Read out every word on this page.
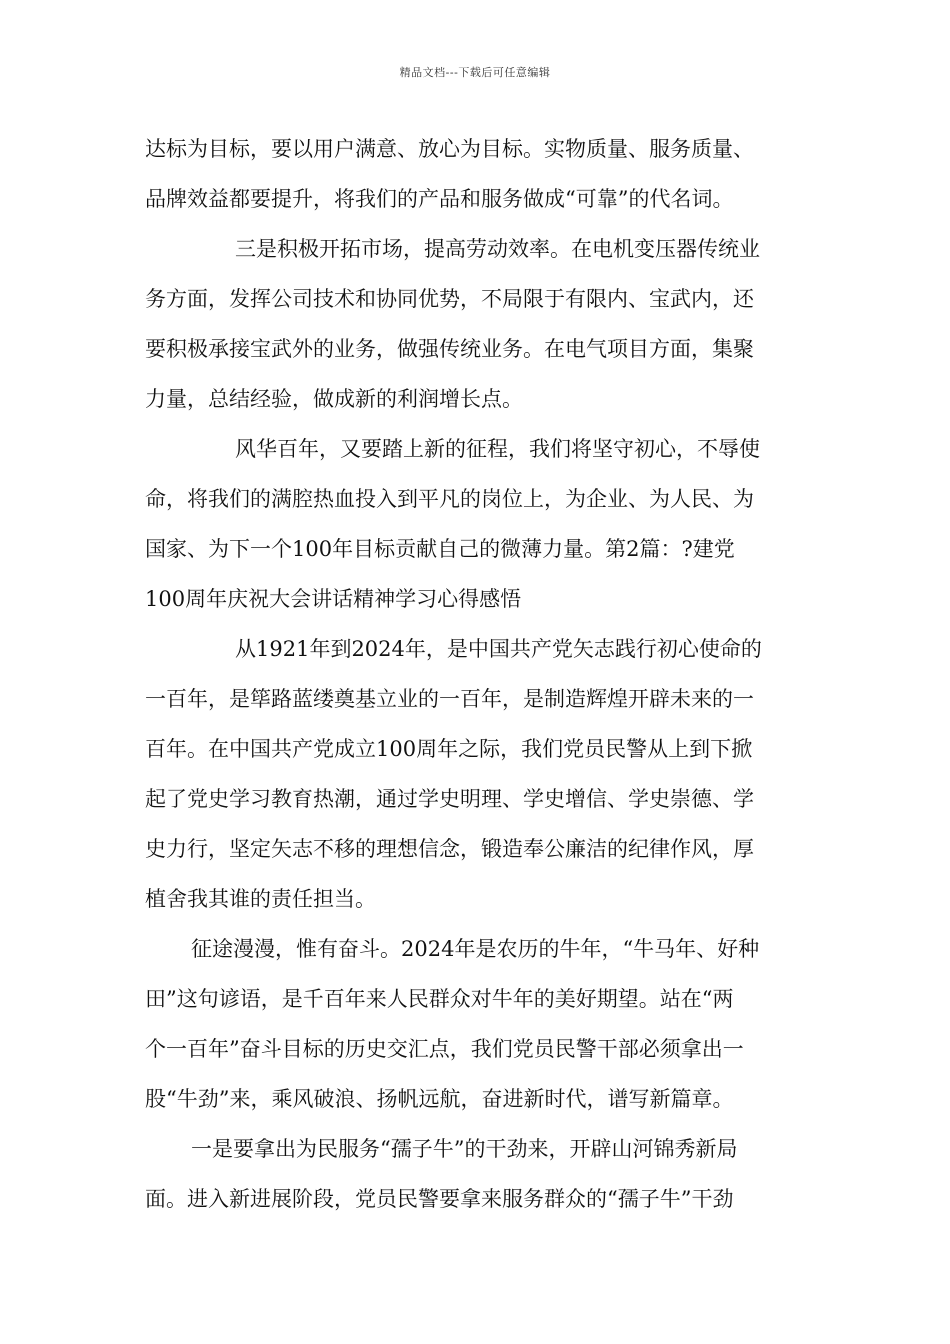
精品文档---下载后可任意编辑
达标为目标，要以用户满意、放心为目标。实物质量、服务质量、
品牌效益都要提升，将我们的产品和服务做成“可靠”的代名词。
三是积极开拓市场，提高劳动效率。在电机变压器传统业
务方面，发挥公司技术和协同优势，不局限于有限内、宝武内，还
要积极承接宝武外的业务，做强传统业务。在电气项目方面，集聚
力量，总结经验，做成新的利润增长点。
风华百年，又要踏上新的征程，我们将坚守初心，不辱使
命，将我们的满腔热血投入到平凡的岗位上，为企业、为人民、为
国家、为下一个100年目标贡献自己的微薄力量。第2篇：?建党
100周年庆祝大会讲话精神学习心得感悟
从1921年到2024年，是中国共产党矢志践行初心使命的
一百年，是筚路蓝缕奠基立业的一百年，是制造辉煌开辟未来的一
百年。在中国共产党成立100周年之际，我们党员民警从上到下掀
起了党史学习教育热潮，通过学史明理、学史增信、学史崇德、学
史力行，坚定矢志不移的理想信念，锻造奉公廉洁的纪律作风，厚
植舍我其谁的责任担当。
征途漫漫，惟有奋斗。2024年是农历的牛年，“牛马年、好种
田”这句谚语，是千百年来人民群众对牛年的美好期望。站在“两
个一百年”奋斗目标的历史交汇点，我们党员民警干部必须拿出一
股“牛劲”来，乘风破浪、扬帆远航，奋进新时代，谱写新篇章。
一是要拿出为民服务“孺子牛”的干劲来，开辟山河锦秀新局
面。进入新进展阶段，党员民警要拿来服务群众的“孺子牛”干劲
